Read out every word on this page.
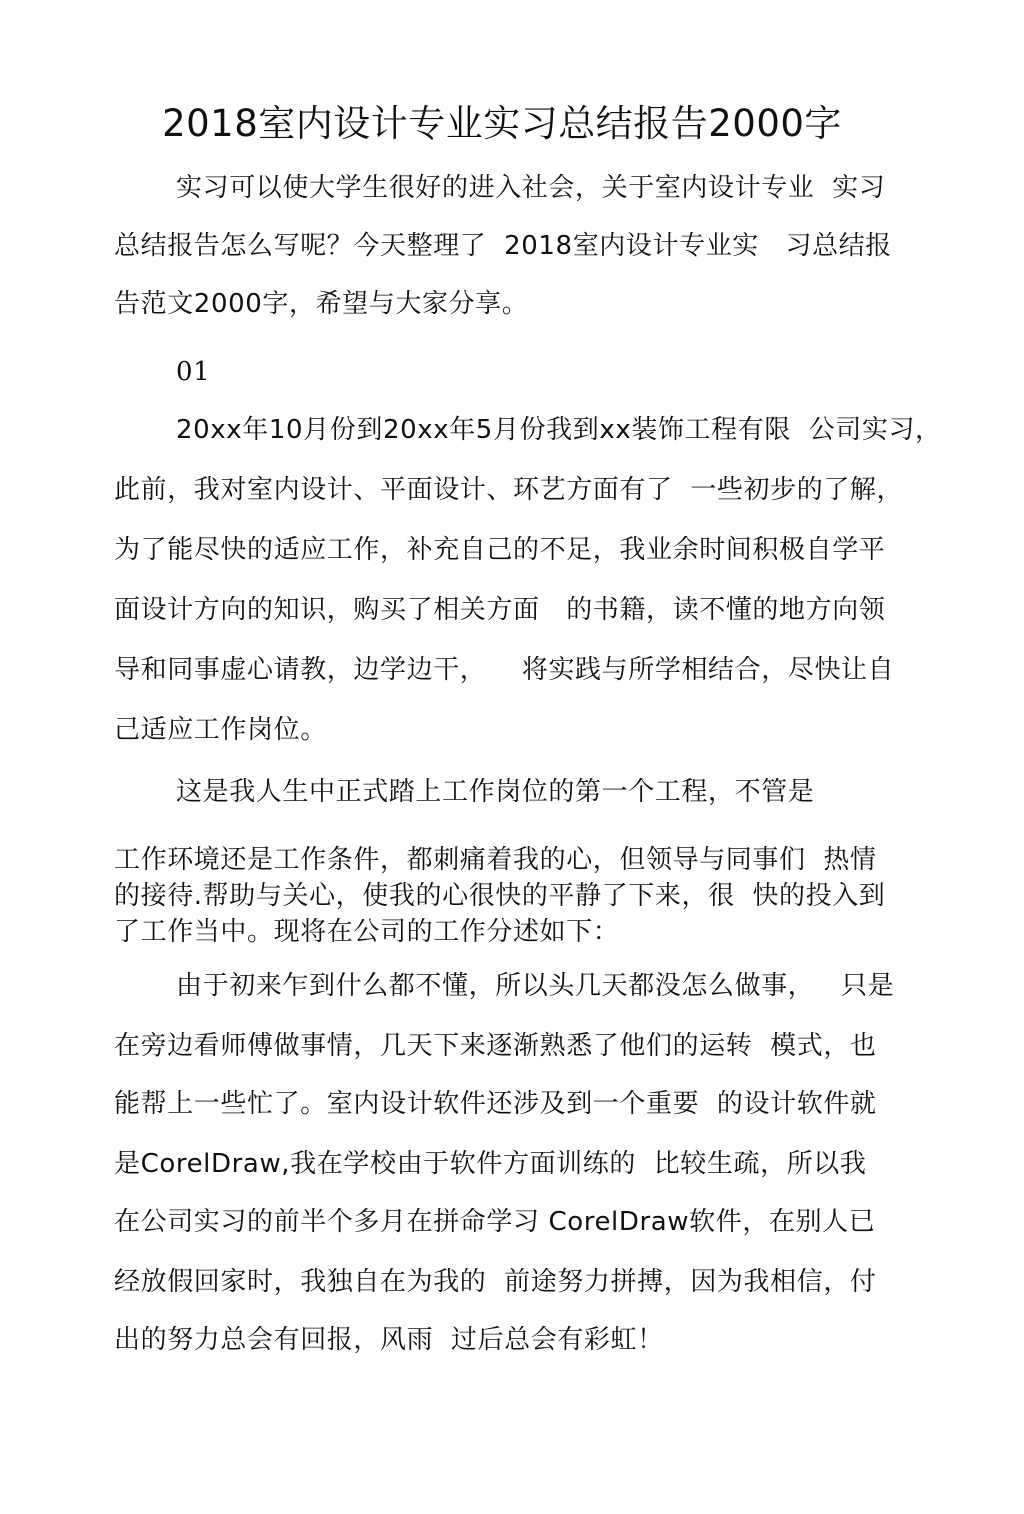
2018室内设计专业实习总结报告2000字
实习可以使大学生很好的进入社会，关于室内设计专业  实习
总结报告怎么写呢？今天整理了  2018室内设计专业实   习总结报
告范文2000字，希望与大家分享。
01
20xx年10月份到20xx年5月份我到xx装饰工程有限  公司实习，
此前，我对室内设计、平面设计、环艺方面有了  一些初步的了解，
为了能尽快的适应工作，补充自己的不足，我业余时间积极自学平
面设计方向的知识，购买了相关方面   的书籍，读不懂的地方向领
导和同事虚心请教，边学边干，    将实践与所学相结合，尽快让自
己适应工作岗位。
这是我人生中正式踏上工作岗位的第一个工程，不管是
工作环境还是工作条件，都刺痛着我的心，但领导与同事们  热情
的接待.帮助与关心，使我的心很快的平静了下来，很  快的投入到
了工作当中。现将在公司的工作分述如下：
由于初来乍到什么都不懂，所以头几天都没怎么做事，   只是
在旁边看师傅做事情，几天下来逐渐熟悉了他们的运转  模式，也
能帮上一些忙了。室内设计软件还涉及到一个重要  的设计软件就
是CorelDraw,我在学校由于软件方面训练的  比较生疏，所以我
在公司实习的前半个多月在拼命学习 CorelDraw软件，在别人已
经放假回家时，我独自在为我的  前途努力拼搏，因为我相信，付
出的努力总会有回报，风雨  过后总会有彩虹！
